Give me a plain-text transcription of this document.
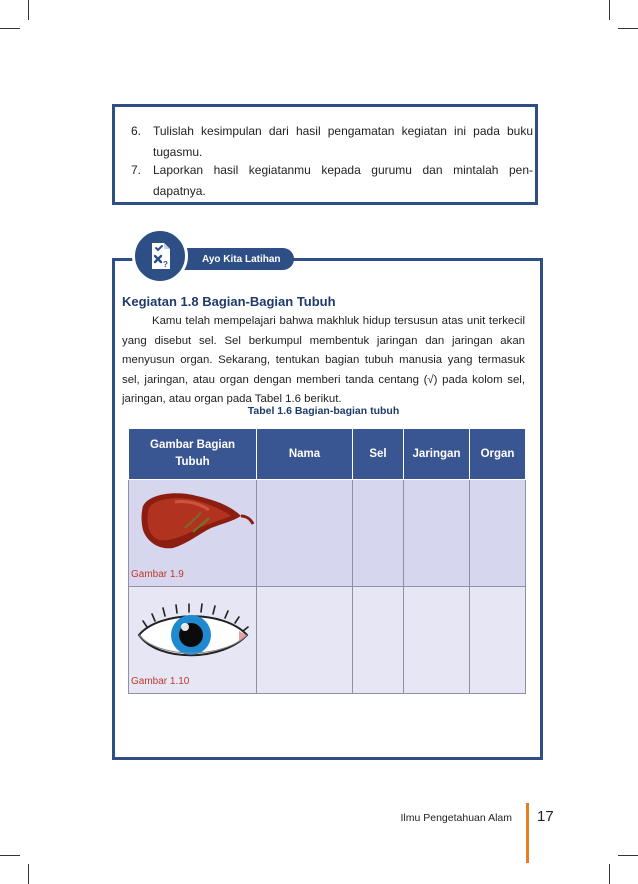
6. Tulislah kesimpulan dari hasil pengamatan kegiatan ini pada buku tugasmu.
7. Laporkan hasil kegiatanmu kepada gurumu dan mintalah pen-dapatnya.
Ayo Kita Latihan
?
Kegiatan 1.8 Bagian-Bagian Tubuh
Kamu telah mempelajari bahwa makhluk hidup tersusun atas unit terkecil yang disebut sel. Sel berkumpul membentuk jaringan dan jaringan akan menyusun organ. Sekarang, tentukan bagian tubuh manusia yang termasuk sel, jaringan, atau organ dengan memberi tanda centang (√) pada kolom sel, jaringan, atau organ pada Tabel 1.6 berikut.
Tabel 1.6 Bagian-bagian tubuh
Gambar Bagian Tubuh	Nama	Sel	Jaringan	Organ

Gambar 1.9				

Gambar 1.10				

Ilmu Pengetahuan Alam 17
